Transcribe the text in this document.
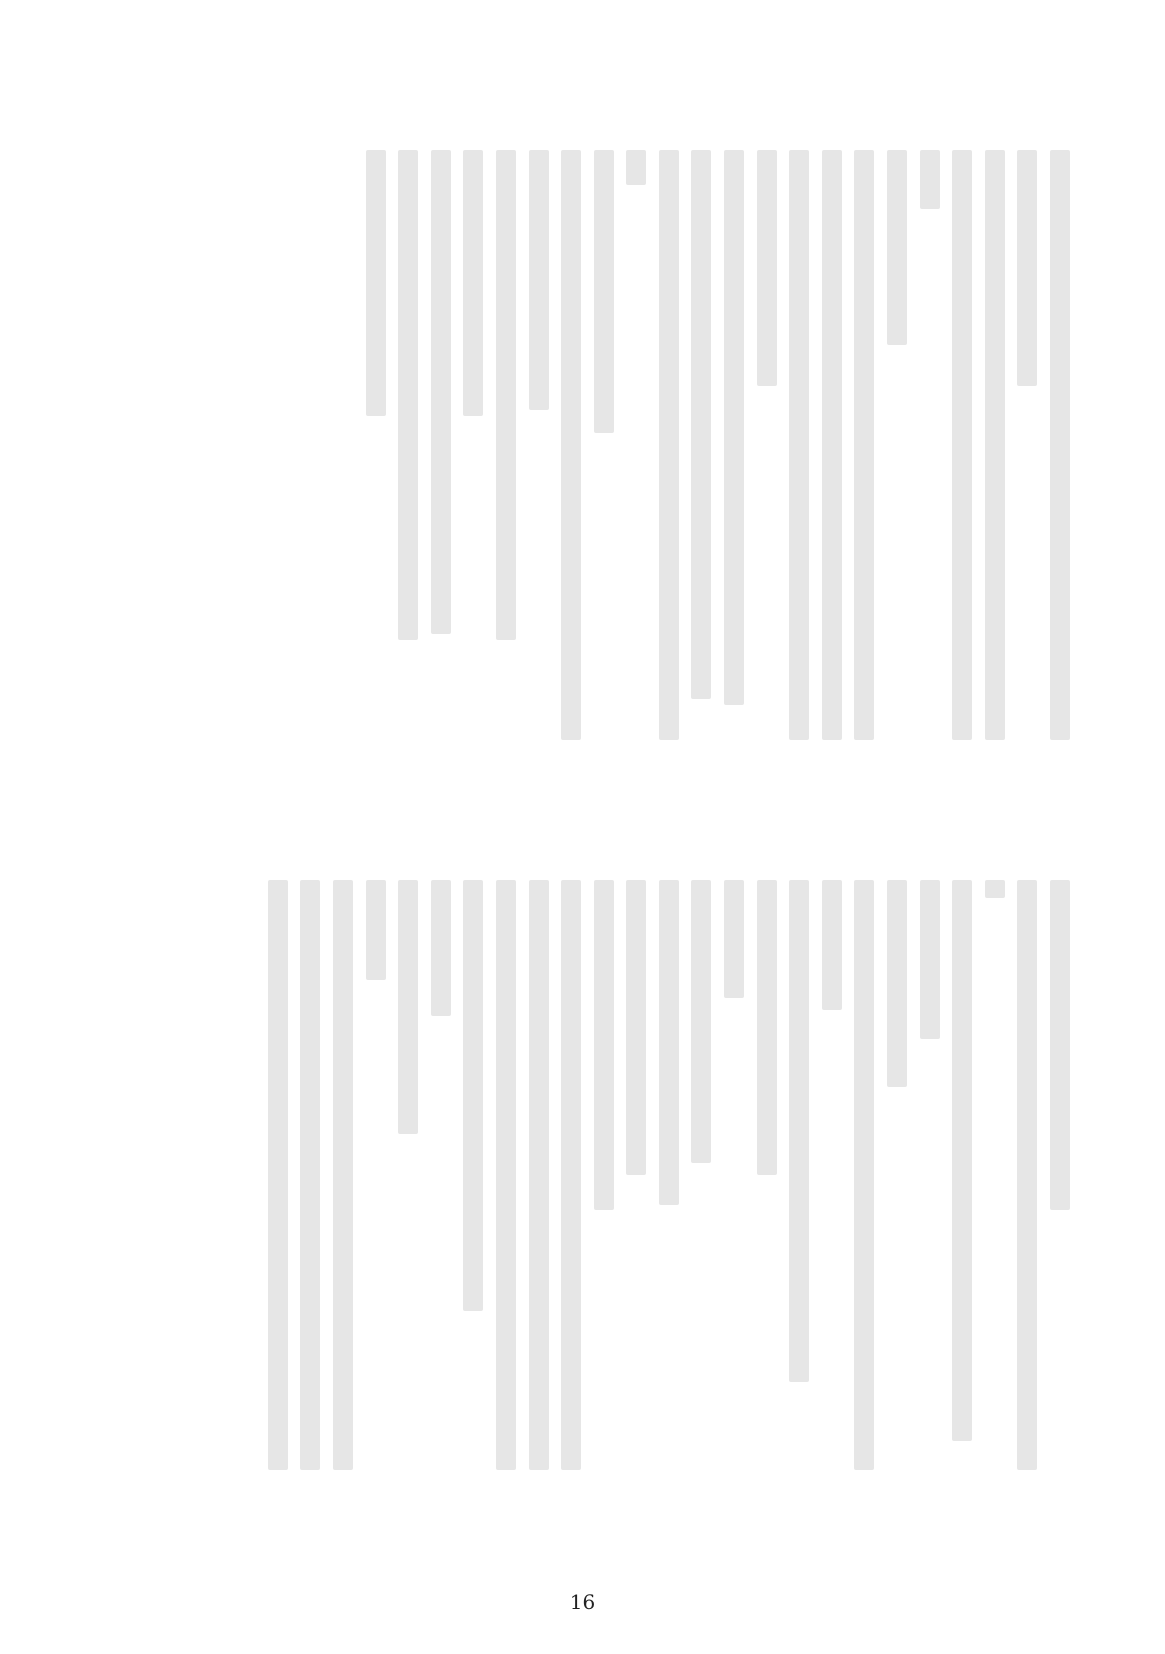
16
